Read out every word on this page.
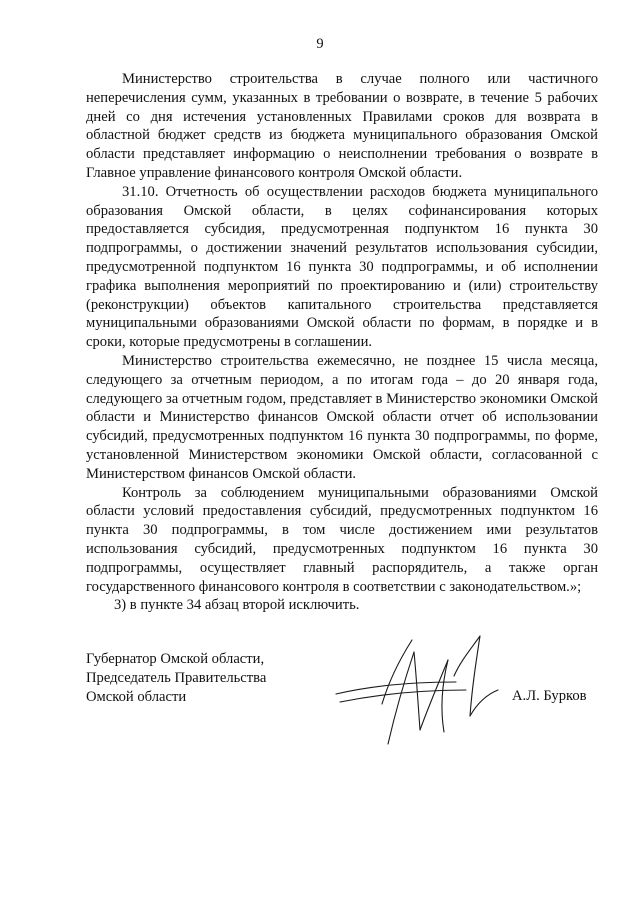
9

Министерство строительства в случае полного или частичного неперечисления сумм, указанных в требовании о возврате, в течение 5 рабочих дней со дня истечения установленных Правилами сроков для возврата в областной бюджет средств из бюджета муниципального образования Омской области представляет информацию о неисполнении требования о возврате в Главное управление финансового контроля Омской области.

31.10. Отчетность об осуществлении расходов бюджета муниципального образования Омской области, в целях софинансирования которых предоставляется субсидия, предусмотренная подпунктом 16 пункта 30 подпрограммы, о достижении значений результатов использования субсидии, предусмотренной подпунктом 16 пункта 30 подпрограммы, и об исполнении графика выполнения мероприятий по проектированию и (или) строительству (реконструкции) объектов капитального строительства представляется муниципальными образованиями Омской области по формам, в порядке и в сроки, которые предусмотрены в соглашении.

Министерство строительства ежемесячно, не позднее 15 числа месяца, следующего за отчетным периодом, а по итогам года – до 20 января года, следующего за отчетным годом, представляет в Министерство экономики Омской области и Министерство финансов Омской области отчет об использовании субсидий, предусмотренных подпунктом 16 пункта 30 подпрограммы, по форме, установленной Министерством экономики Омской области, согласованной с Министерством финансов Омской области.

Контроль за соблюдением муниципальными образованиями Омской области условий предоставления субсидий, предусмотренных подпунктом 16 пункта 30 подпрограммы, в том числе достижением ими результатов использования субсидий, предусмотренных подпунктом 16 пункта 30 подпрограммы, осуществляет главный распорядитель, а также орган государственного финансового контроля в соответствии с законодательством.»;

3) в пункте 34 абзац второй исключить.

Губернатор Омской области,
Председатель Правительства
Омской области	А.Л. Бурков
